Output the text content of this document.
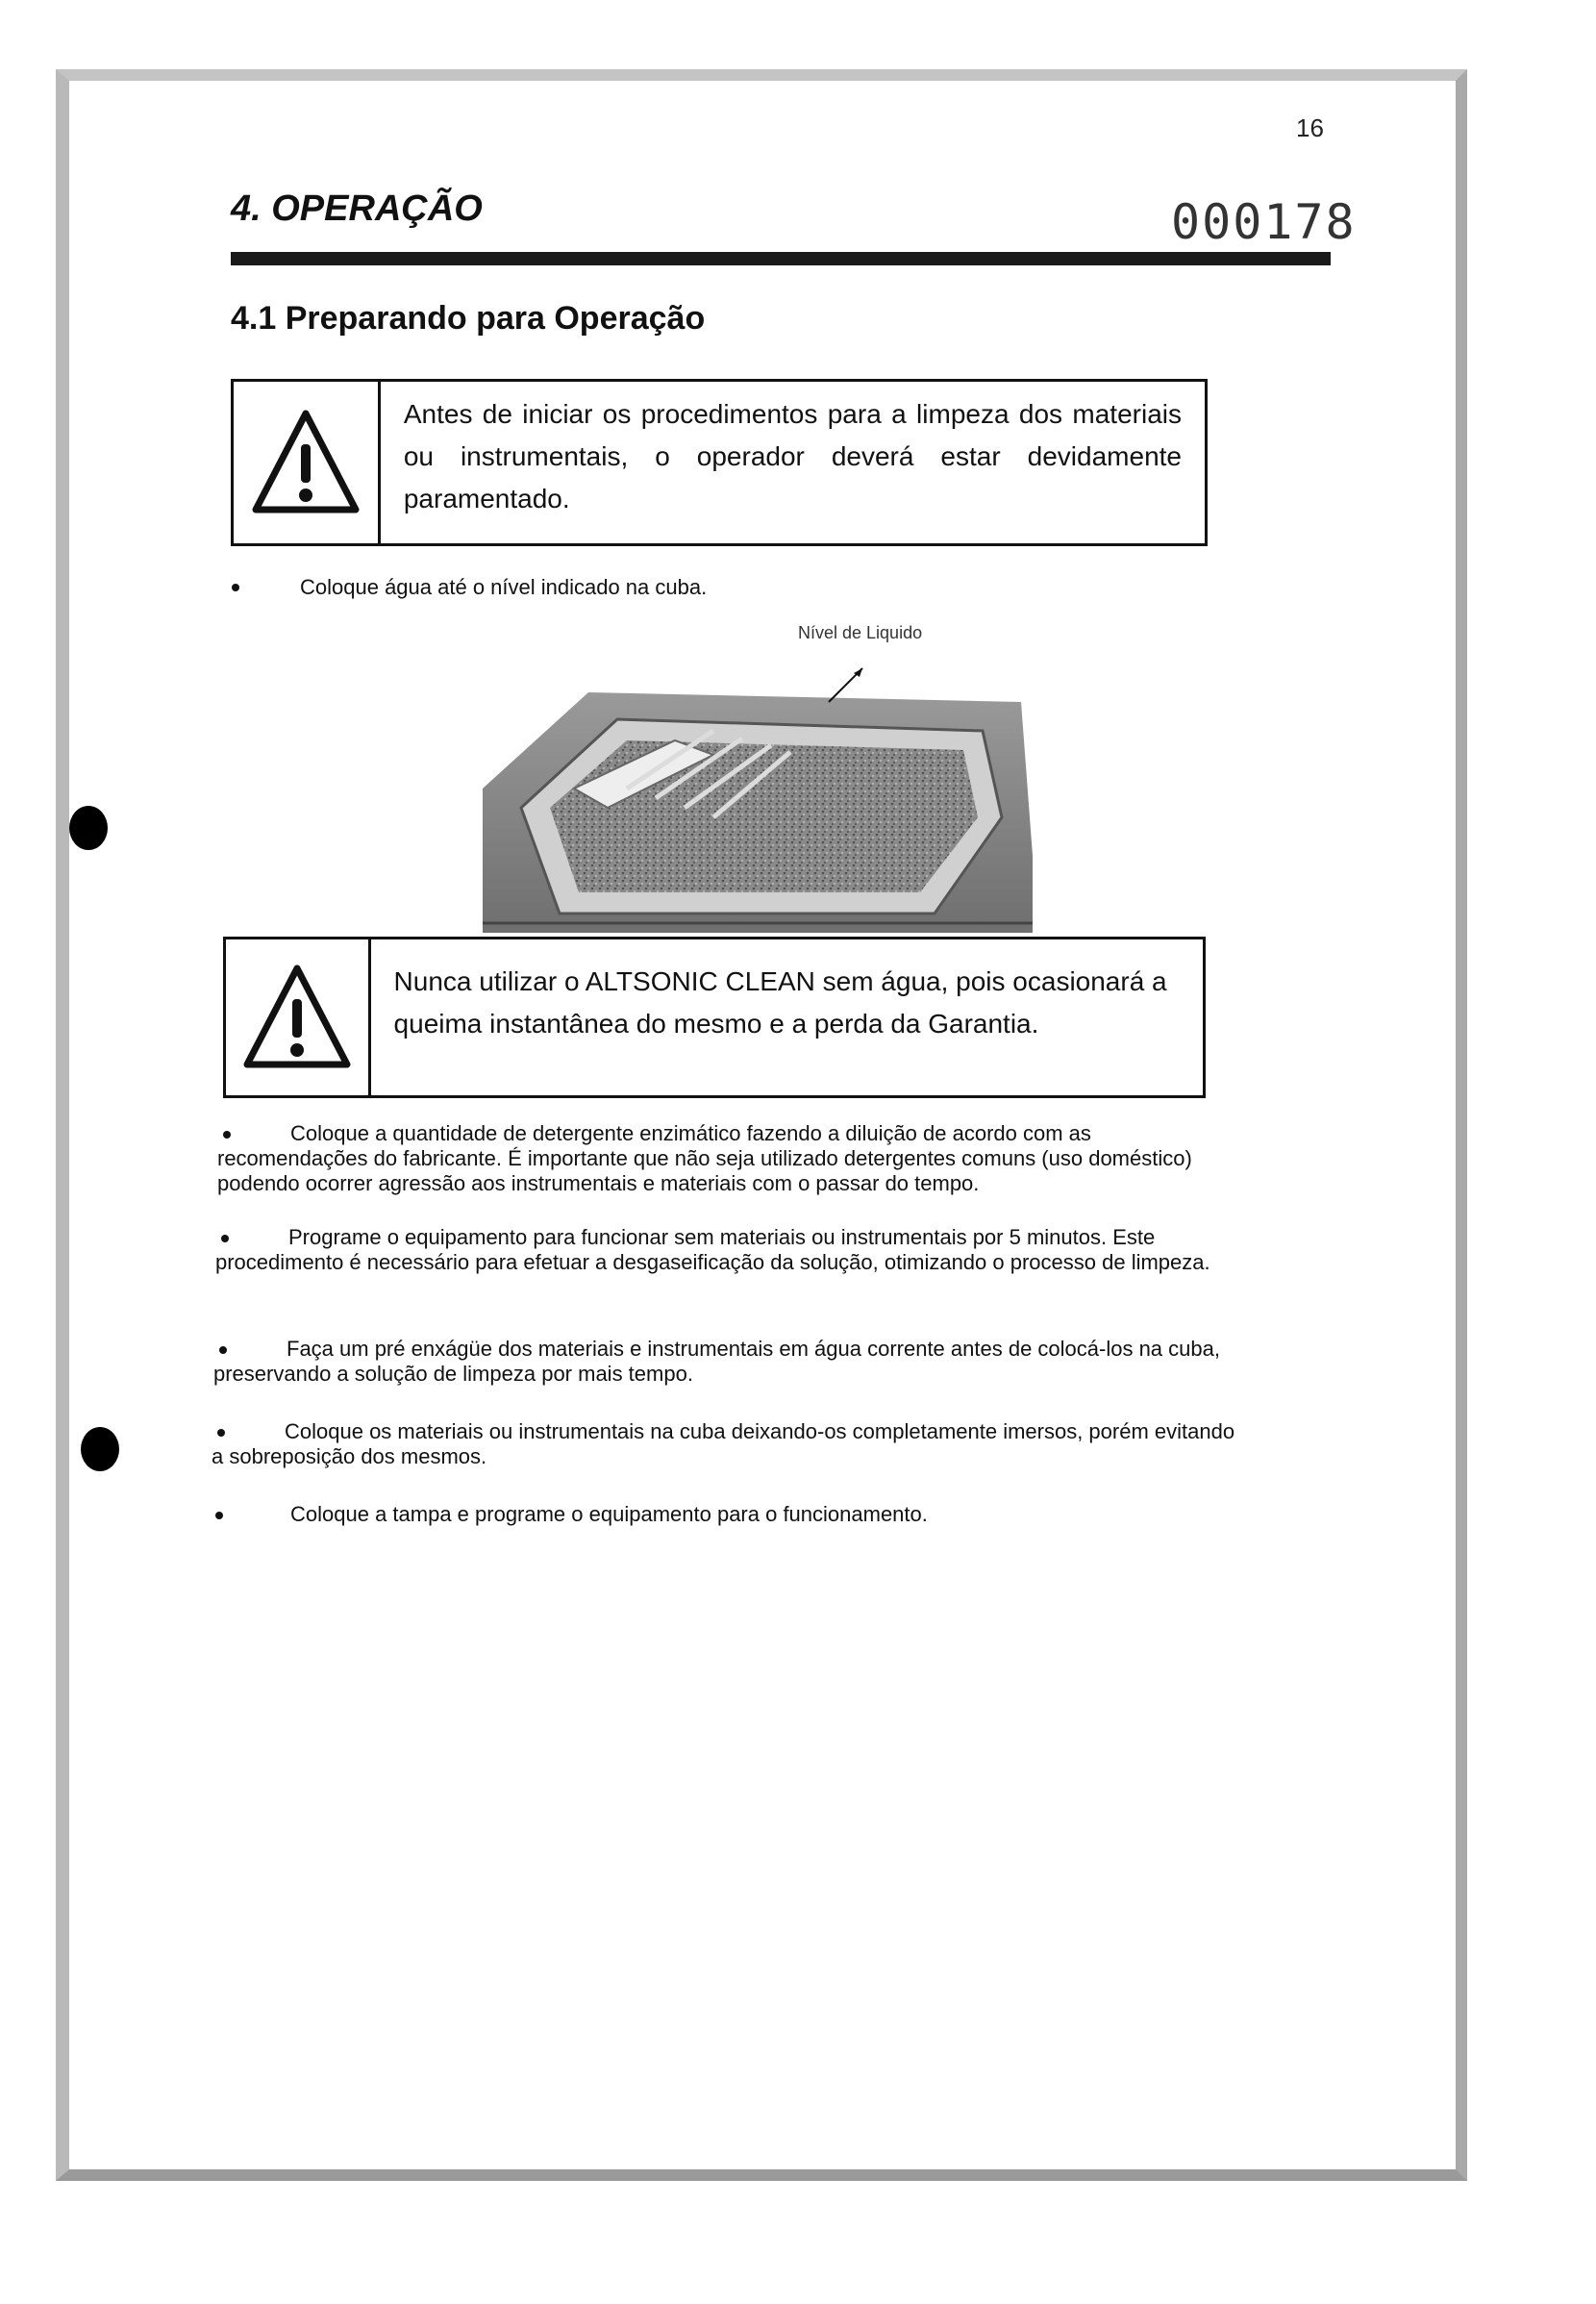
16
4. OPERAÇÃO	000178
4.1 Preparando para Operação
Antes de iniciar os procedimentos para a limpeza dos materiais ou instrumentais, o operador deverá estar devidamente paramentado.
Coloque água até o nível indicado na cuba.
Nível de Liquido
Nunca utilizar o ALTSONIC CLEAN sem água, pois ocasionará a queima instantânea do mesmo e a perda da Garantia.
Coloque a quantidade de detergente enzimático fazendo a diluição de acordo com as recomendações do fabricante. É importante que não seja utilizado detergentes comuns (uso doméstico) podendo ocorrer agressão aos instrumentais e materiais com o passar do tempo.
Programe o equipamento para funcionar sem materiais ou instrumentais por 5 minutos. Este procedimento é necessário para efetuar a desgaseificação da solução, otimizando o processo de limpeza.
Faça um pré enxágüe dos materiais e instrumentais em água corrente antes de colocá-los na cuba, preservando a solução de limpeza por mais tempo.
Coloque os materiais ou instrumentais na cuba deixando-os completamente imersos, porém evitando a sobreposição dos mesmos.
Coloque a tampa e programe o equipamento para o funcionamento.
